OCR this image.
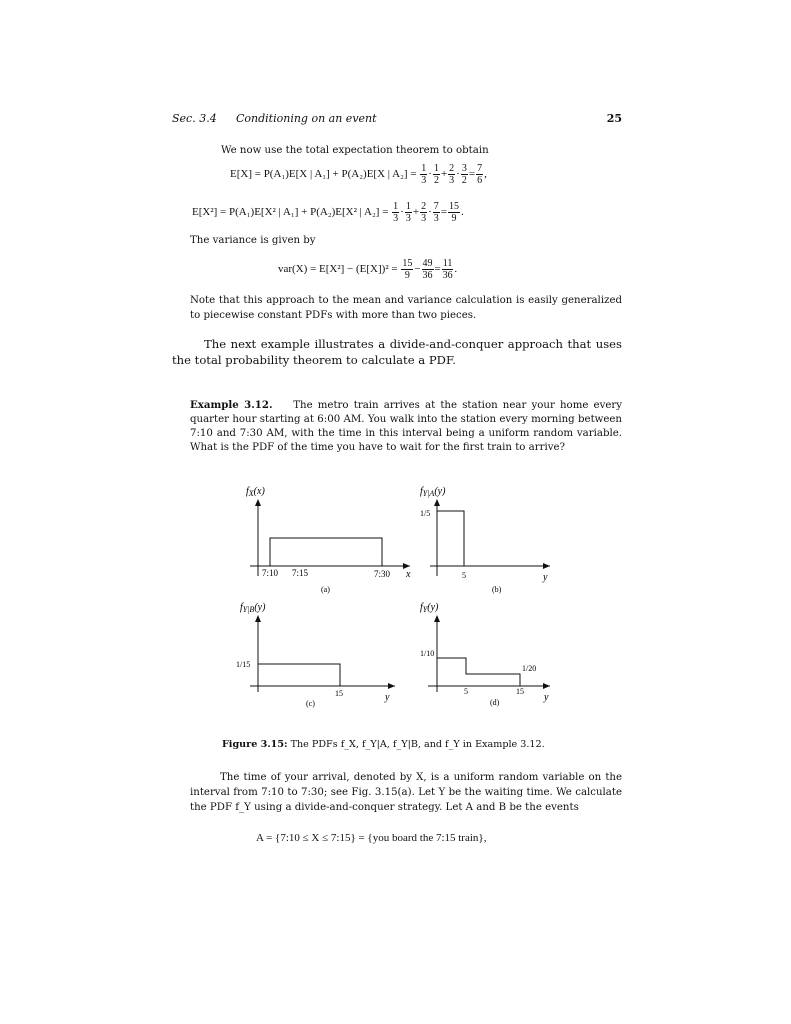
Sec. 3.4 Conditioning on an event	25
We now use the total expectation theorem to obtain
E[X] = P(A₁)E[X | A₁] + P(A₂)E[X | $A_2] = \frac{1}{3} \cdot \frac{1}{2} + \frac{2}{3} \cdot \frac{3}{2} = \frac{7}{6}$ ,
E[X²] = P(A₁)E[X² | A₁] + P(A₂)E[X² | $A_2] = \frac{1}{3} \cdot \frac{1}{3} + \frac{2}{3} \cdot \frac{7}{3} = \frac{15}{9}$ .
The variance is given by
$var(X) = E[X^2] - (E[X])^2 = \frac{15}{9} - \frac{49}{36} = \frac{11}{36}$ .
Note that this approach to the mean and variance calculation is easily generalized to piecewise constant PDFs with more than two pieces.
The next example illustrates a divide-and-conquer approach that uses the total probability theorem to calculate a PDF.
Example 3.12. The metro train arrives at the station near your home every quarter hour starting at 6:00 AM. You walk into the station every morning between 7:10 and 7:30 AM, with the time in this interval being a uniform random variable. What is the PDF of the time you have to wait for the first train to arrive?
$f_X(x)$
7:10 7:15	7:30 x
(a)
$f_{Y|A}(y)$
1/5
5	y
(b)
$f_{Y|B}(y)$
1/15
15	y
(c)
$f_Y(y)$
1/10
1/20
5	15
y
(d)
Figure 3.15: The PDFs f_X, f_Y|A, f_Y|B, and f_Y in Example 3.12.
The time of your arrival, denoted by X, is a uniform random variable on the interval from 7:10 to 7:30; see Fig. 3.15(a). Let Y be the waiting time. We calculate the PDF f_Y using a divide-and-conquer strategy. Let A and B be the events
A = {7:10 ≤ X ≤ 7:15} = {you board the 7:15 train},
